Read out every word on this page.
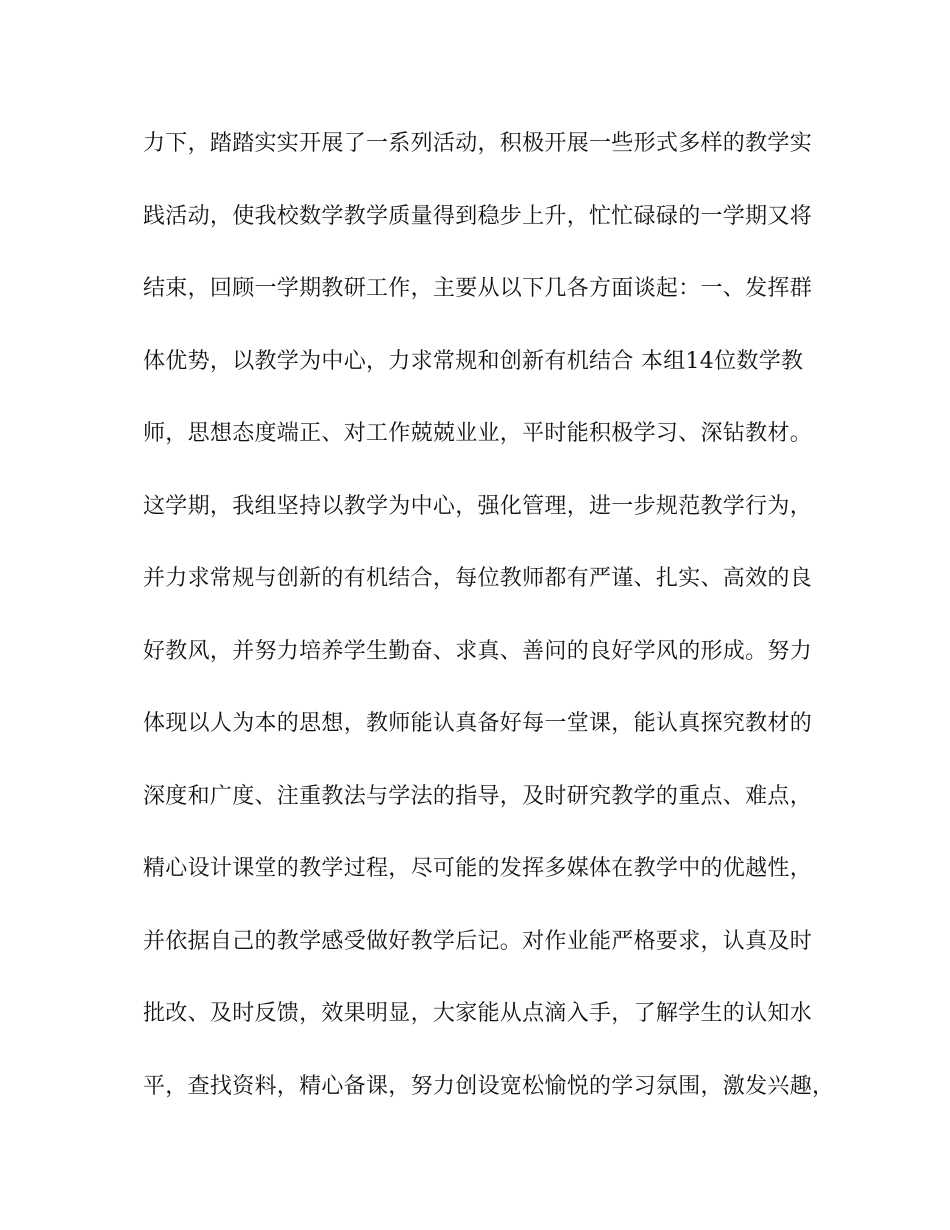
力下，踏踏实实开展了一系列活动，积极开展一些形式多样的教学实
践活动，使我校数学教学质量得到稳步上升，忙忙碌碌的一学期又将
结束，回顾一学期教研工作，主要从以下几各方面谈起：一、发挥群
体优势，以教学为中心，力求常规和创新有机结合 本组14位数学教
师，思想态度端正、对工作兢兢业业，平时能积极学习、深钻教材。
这学期，我组坚持以教学为中心，强化管理，进一步规范教学行为，
并力求常规与创新的有机结合，每位教师都有严谨、扎实、高效的良
好教风，并努力培养学生勤奋、求真、善问的良好学风的形成。努力
体现以人为本的思想，教师能认真备好每一堂课，能认真探究教材的
深度和广度、注重教法与学法的指导，及时研究教学的重点、难点，
精心设计课堂的教学过程，尽可能的发挥多媒体在教学中的优越性，
并依据自己的教学感受做好教学后记。对作业能严格要求，认真及时
批改、及时反馈，效果明显，大家能从点滴入手，了解学生的认知水
平，查找资料，精心备课，努力创设宽松愉悦的学习氛围，激发兴趣，
